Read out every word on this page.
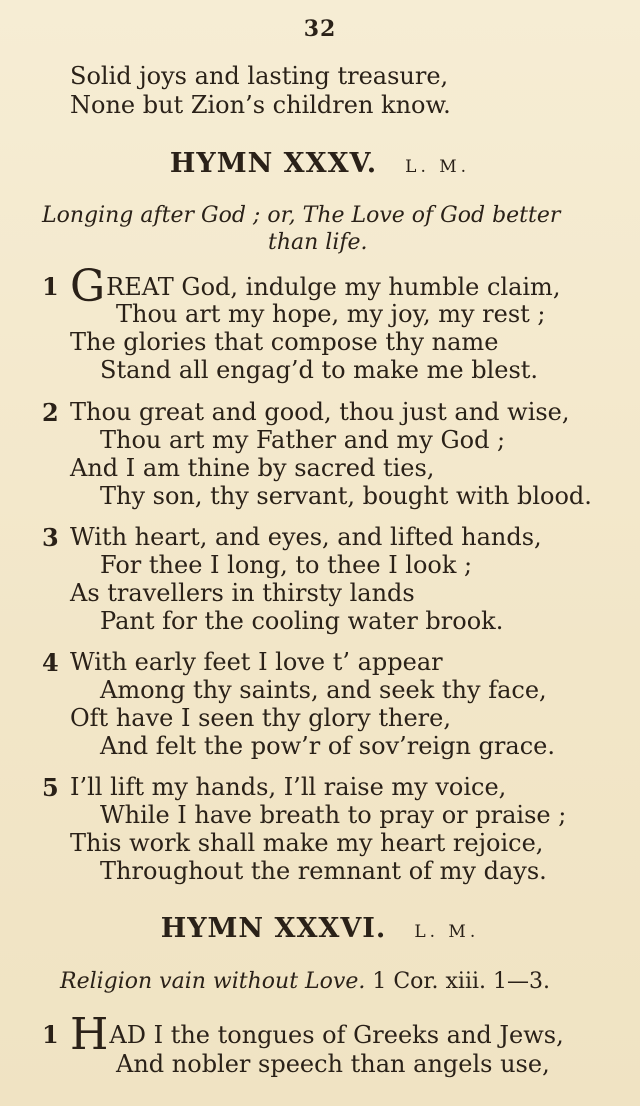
32
Solid joys and lasting treasure,
None but Zion’s children know.
HYMN XXXV. L. M.
Longing after God ; or, The Love of God better
than life.
1 GREAT God, indulge my humble claim,
Thou art my hope, my joy, my rest ;
The glories that compose thy name
Stand all engag’d to make me blest.
2 Thou great and good, thou just and wise,
Thou art my Father and my God ;
And I am thine by sacred ties,
Thy son, thy servant, bought with blood.
3 With heart, and eyes, and lifted hands,
For thee I long, to thee I look ;
As travellers in thirsty lands
Pant for the cooling water brook.
4 With early feet I love t’ appear
Among thy saints, and seek thy face,
Oft have I seen thy glory there,
And felt the pow’r of sov’reign grace.
5 I’ll lift my hands, I’ll raise my voice,
While I have breath to pray or praise ;
This work shall make my heart rejoice,
Throughout the remnant of my days.
HYMN XXXVI. L. M.
Religion vain without Love. 1 Cor. xiii. 1—3.
1 HAD I the tongues of Greeks and Jews,
And nobler speech than angels use,
